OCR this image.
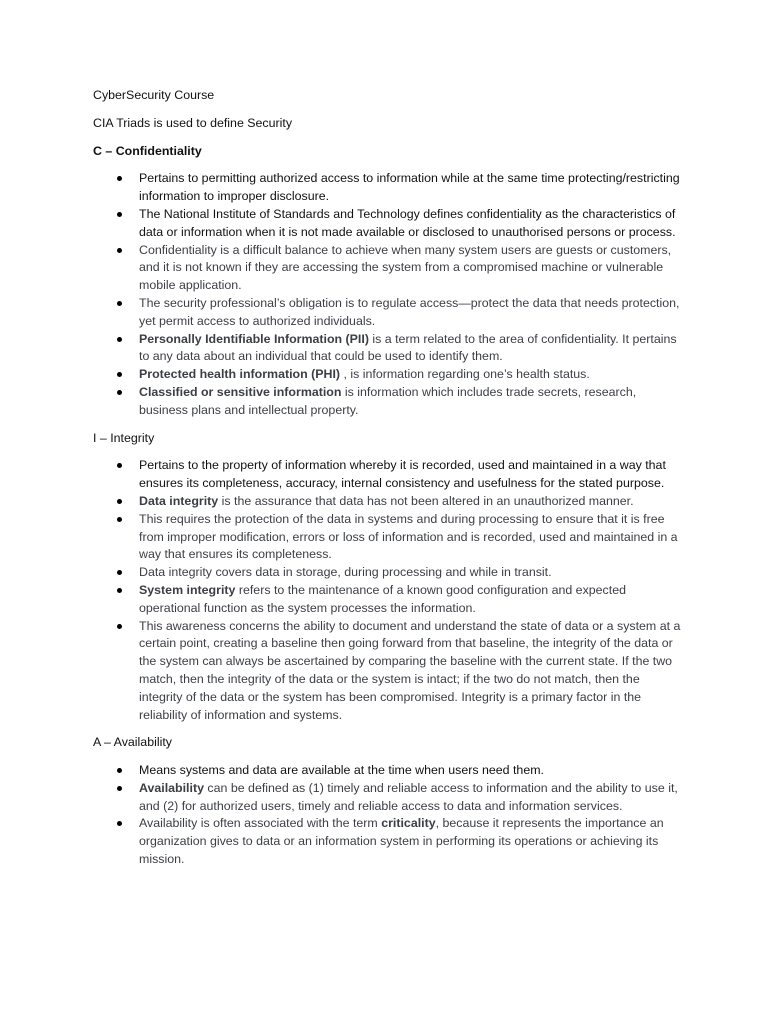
CyberSecurity Course

CIA Triads is used to define Security

C – Confidentiality

Pertains to permitting authorized access to information while at the same time protecting/restricting information to improper disclosure.
The National Institute of Standards and Technology defines confidentiality as the characteristics of data or information when it is not made available or disclosed to unauthorised persons or process.
Confidentiality is a difficult balance to achieve when many system users are guests or customers, and it is not known if they are accessing the system from a compromised machine or vulnerable mobile application.
The security professional’s obligation is to regulate access—protect the data that needs protection, yet permit access to authorized individuals.
Personally Identifiable Information (PII) is a term related to the area of confidentiality. It pertains to any data about an individual that could be used to identify them.
Protected health information (PHI) , is information regarding one’s health status.
Classified or sensitive information is information which includes trade secrets, research, business plans and intellectual property.

I – Integrity

Pertains to the property of information whereby it is recorded, used and maintained in a way that ensures its completeness, accuracy, internal consistency and usefulness for the stated purpose.
Data integrity is the assurance that data has not been altered in an unauthorized manner.
This requires the protection of the data in systems and during processing to ensure that it is free from improper modification, errors or loss of information and is recorded, used and maintained in a way that ensures its completeness.
Data integrity covers data in storage, during processing and while in transit.
System integrity refers to the maintenance of a known good configuration and expected operational function as the system processes the information.
This awareness concerns the ability to document and understand the state of data or a system at a certain point, creating a baseline then going forward from that baseline, the integrity of the data or the system can always be ascertained by comparing the baseline with the current state. If the two match, then the integrity of the data or the system is intact; if the two do not match, then the integrity of the data or the system has been compromised. Integrity is a primary factor in the reliability of information and systems.

A – Availability

Means systems and data are available at the time when users need them.
Availability can be defined as (1) timely and reliable access to information and the ability to use it, and (2) for authorized users, timely and reliable access to data and information services.
Availability is often associated with the term criticality, because it represents the importance an organization gives to data or an information system in performing its operations or achieving its mission.
